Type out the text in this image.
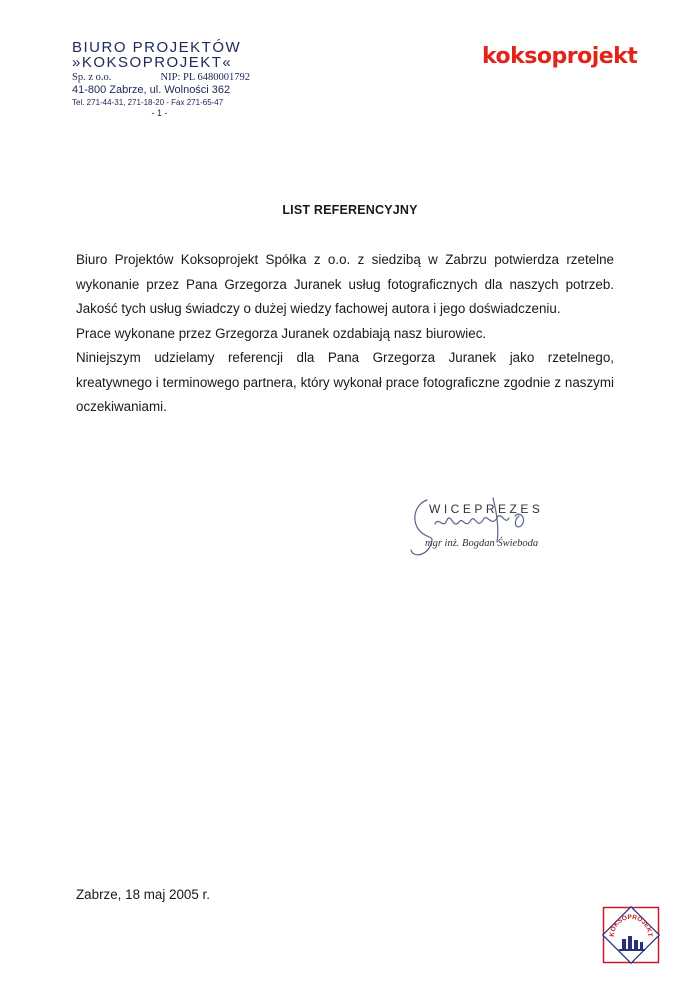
BIURO PROJEKTÓW
»KOKSOPROJEKT«
Sp. z o.o.	NIP: PL 6480001792
41-800 Zabrze, ul. Wolności 362
Tel. 271-44-31, 271-18-20 - Fax 271-65-47
- 1 -
koksoprojekt
LIST REFERENCYJNY

Biuro Projektów Koksoprojekt Spółka z o.o. z siedzibą w Zabrzu potwierdza rzetelne wykonanie przez Pana Grzegorza Juranek usług fotograficznych dla naszych potrzeb. Jakość tych usług świadczy o dużej wiedzy fachowej autora i jego doświadczeniu.

Prace wykonane przez Grzegorza Juranek ozdabiają nasz biurowiec.

Niniejszym udzielamy referencji dla Pana Grzegorza Juranek jako rzetelnego, kreatywnego i terminowego partnera, który wykonał prace fotograficzne zgodnie z naszymi oczekiwaniami.

WICEPREZES
mgr inż. Bogdan Świeboda
Zabrze, 18 maj 2005 r.
KOKSOPROJEKT
